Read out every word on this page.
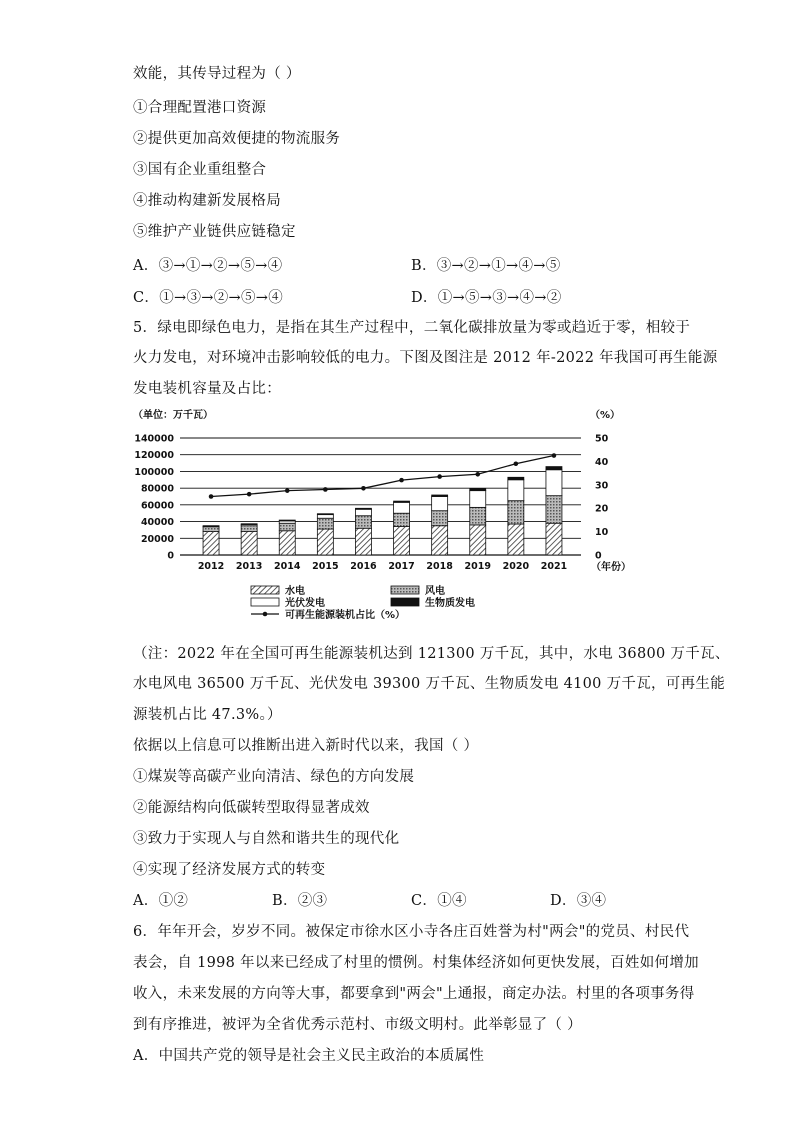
效能，其传导过程为（ ）
①合理配置港口资源
②提供更加高效便捷的物流服务
③国有企业重组整合
④推动构建新发展格局
⑤维护产业链供应链稳定
A．③→①→②→⑤→④	B．③→②→①→④→⑤
C．①→③→②→⑤→④	D．①→⑤→③→④→②
5．绿电即绿色电力，是指在其生产过程中，二氧化碳排放量为零或趋近于零，相较于
火力发电，对环境冲击影响较低的电力。下图及图注是 2012 年-2022 年我国可再生能源
发电装机容量及占比：
（单位：万千瓦）	（%）
0
20000
40000
60000
80000
100000
120000
140000
0
10
20
30
40
50
2012 2013 2014 2015 2016 2017 2018 2019 2020 2021 （年份）
水电	风电
光伏发电	生物质发电
可再生能源装机占比（%）
（注：2022 年在全国可再生能源装机达到 121300 万千瓦，其中，水电 36800 万千瓦、
水电风电 36500 万千瓦、光伏发电 39300 万千瓦、生物质发电 4100 万千瓦，可再生能
源装机占比 47.3%。）
依据以上信息可以推断出进入新时代以来，我国（ ）
①煤炭等高碳产业向清洁、绿色的方向发展
②能源结构向低碳转型取得显著成效
③致力于实现人与自然和谐共生的现代化
④实现了经济发展方式的转变
A．①②	B．②③	C．①④	D．③④
6．年年开会，岁岁不同。被保定市徐水区小寺各庄百姓誉为村"两会"的党员、村民代
表会，自 1998 年以来已经成了村里的惯例。村集体经济如何更快发展，百姓如何增加
收入，未来发展的方向等大事，都要拿到"两会"上通报，商定办法。村里的各项事务得
到有序推进，被评为全省优秀示范村、市级文明村。此举彰显了（ ）
A．中国共产党的领导是社会主义民主政治的本质属性
